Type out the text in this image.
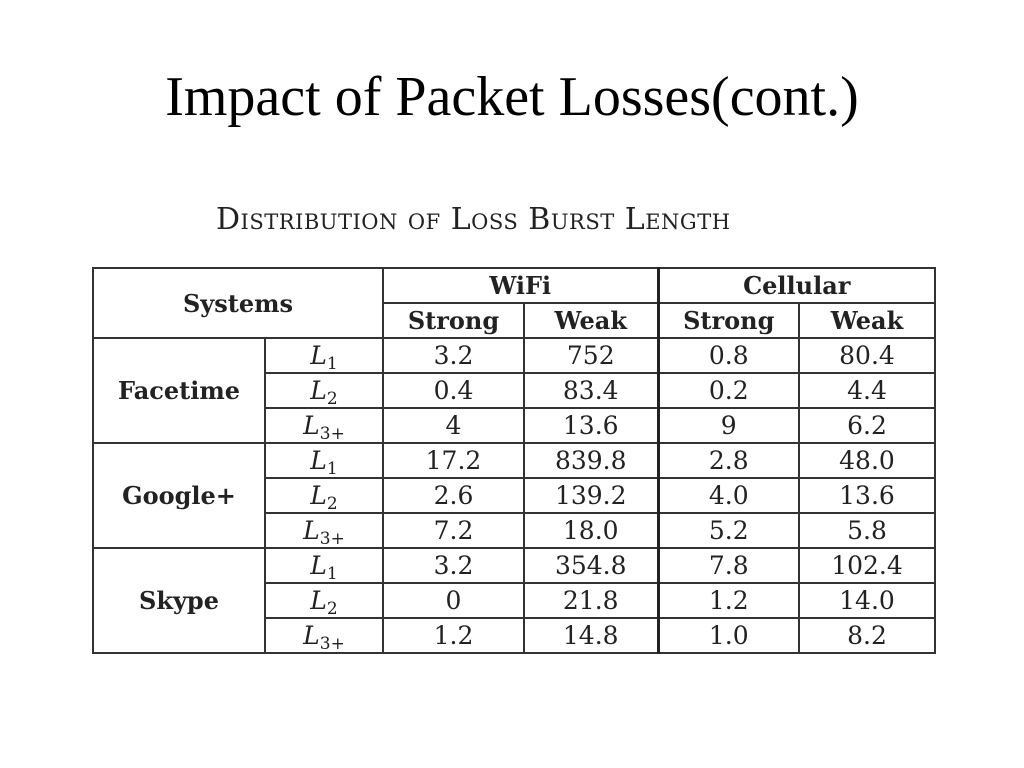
Impact of Packet Losses(cont.)
Distribution of Loss Burst Length
Systems		WiFi		Cellular	
		Strong	Weak	Strong	Weak
Facetime	$L_1$	3.2	752	0.8	80.4
	$L_2$	0.4	83.4	0.2	4.4
	$L_{3+}$	4	13.6	9	6.2
Google+	$L_1$	17.2	839.8	2.8	48.0
	$L_2$	2.6	139.2	4.0	13.6
	$L_{3+}$	7.2	18.0	5.2	5.8
Skype	$L_1$	3.2	354.8	7.8	102.4
	$L_2$	0	21.8	1.2	14.0
	$L_{3+}$	1.2	14.8	1.0	8.2
